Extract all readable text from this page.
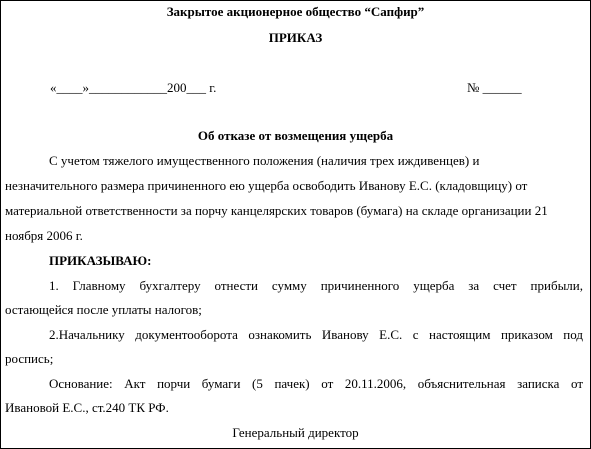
Закрытое акционерное общество “Сапфир”
ПРИКАЗ
«____»____________200___ г.	№ ______
Об отказе от возмещения ущерба
С учетом тяжелого имущественного положения (наличия трех иждивенцев) и
незначительного размера причиненного ею ущерба освободить Иванову Е.С. (кладовщицу) от
материальной ответственности за порчу канцелярских товаров (бумага) на складе организации 21
ноября 2006 г.
ПРИКАЗЫВАЮ:
1. Главному бухгалтеру отнести сумму причиненного ущерба за счет прибыли,
остающейся после уплаты налогов;
2.Начальнику документооборота ознакомить Иванову Е.С. с настоящим приказом под
роспись;
Основание: Акт порчи бумаги (5 пачек) от 20.11.2006, объяснительная записка от
Ивановой Е.С., ст.240 ТК РФ.
Генеральный директор
